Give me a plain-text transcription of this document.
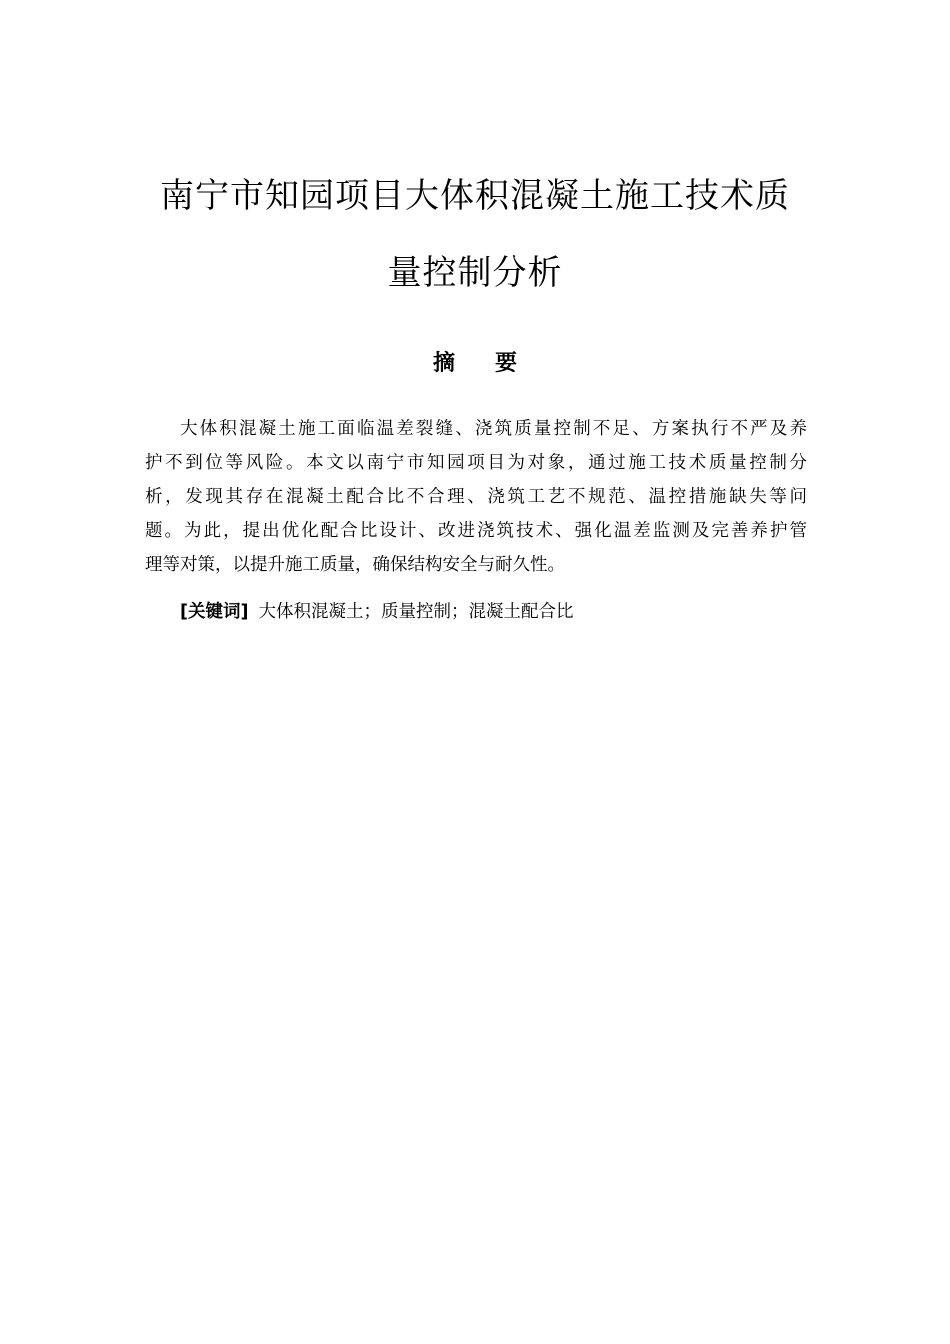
南宁市知园项目大体积混凝土施工技术质
量控制分析
摘 要
大体积混凝土施工面临温差裂缝、浇筑质量控制不足、方案执行不严及养
护不到位等风险。本文以南宁市知园项目为对象，通过施工技术质量控制分
析，发现其存在混凝土配合比不合理、浇筑工艺不规范、温控措施缺失等问
题。为此，提出优化配合比设计、改进浇筑技术、强化温差监测及完善养护管
理等对策，以提升施工质量，确保结构安全与耐久性。

[关键词] 大体积混凝土；质量控制；混凝土配合比
